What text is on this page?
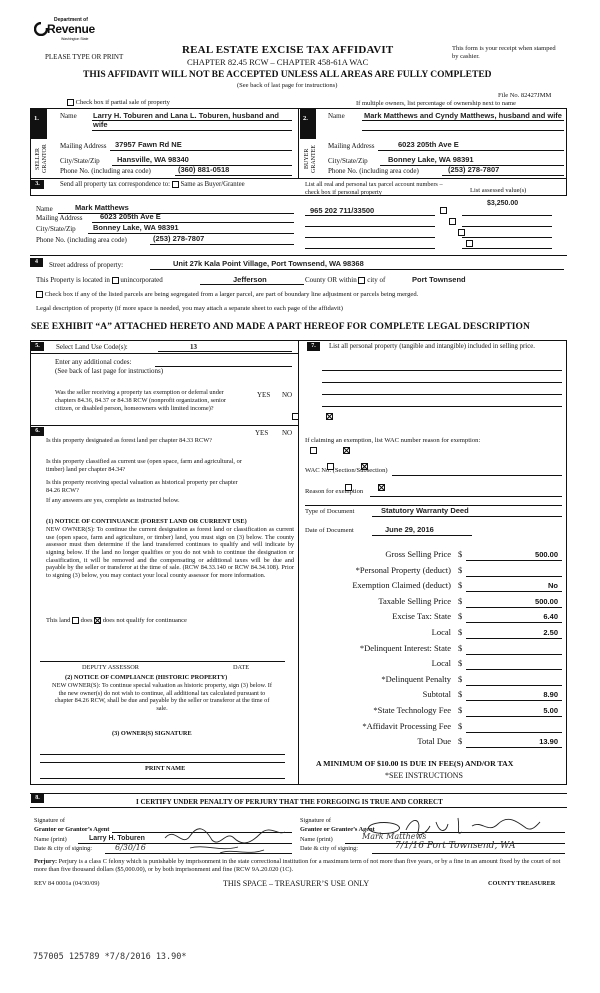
Department of
Revenue
Washington State
PLEASE TYPE OR PRINT
REAL ESTATE EXCISE TAX AFFIDAVIT
CHAPTER 82.45 RCW – CHAPTER 458-61A WAC
THIS AFFIDAVIT WILL NOT BE ACCEPTED UNLESS ALL AREAS ARE FULLY COMPLETED
(See back of last page for instructions)
This form is your receipt when stamped by cashier.
File No. 82427JMM
Check box if partial sale of property	If multiple owners, list percentage of ownership next to name
1.	2.
SELLER GRANTOR	BUYER GRANTEE
Name Larry H. Toburen and Lana L. Toburen, husband and wife
Mailing Address 37957 Fawn Rd NE
City/State/Zip Hansville, WA 98340
Phone No. (including area code)	(360) 881-0518
Name	Mark Matthews and Cyndy Matthews, husband and wife
Mailing Address	6023 205th Ave E
City/State/Zip	Bonney Lake, WA 98391
Phone No. (including area code)	(253) 278-7807
3.	Send all property tax correspondence to: Same as Buyer/Grantee	List all real and personal tax parcel account numbers – check box if personal property	List assessed value(s)
Name	Mark Matthews
Mailing Address 6023 205th Ave E
City/State/Zip Bonney Lake, WA 98391
Phone No. (including area code)	(253) 278-7807
965 202 711/33500
$3,250.00

4	Street address of property:	Unit 27k Kala Point Village, Port Townsend, WA 98368
This Property is located in unincorporated	Jefferson	County OR within city of	Port Townsend
Check box if any of the listed parcels are being segregated from a larger parcel, are part of boundary line adjustment or parcels being merged.
Legal description of property (if more space is needed, you may attach a separate sheet to each page of the affidavit)
SEE EXHIBIT “A” ATTACHED HERETO AND MADE A PART HEREOF FOR COMPLETE LEGAL DESCRIPTION
5.	Select Land Use Code(s):	13
Enter any additional codes:
(See back of last page for instructions)
YES NO
Was the seller receiving a property tax exemption or deferral under chapters 84.36, 84.37 or 84.38 RCW (nonprofit organization, senior citizen, or disabled person, homeowners with limited income)?

6.	YES NO
Is this property designated as forest land per chapter 84.33 RCW?

Is this property classified as current use (open space, farm and agricultural, or timber) land per chapter 84.34?

Is this property receiving special valuation as historical property per chapter 84.26 RCW?

If any answers are yes, complete as instructed below.
(1) NOTICE OF CONTINUANCE (FOREST LAND OR CURRENT USE)
NEW OWNER(S): To continue the current designation as forest land or classification as current use (open space, farm and agriculture, or timber) land, you must sign on (3) below. The county assessor must then determine if the land transferred continues to qualify and will indicate by signing below. If the land no longer qualifies or you do not wish to continue the designation or classification, it will be removed and the compensating or additional taxes will be due and payable by the seller or transferor at the time of sale. (RCW 84.33.140 or RCW 84.34.108). Prior to signing (3) below, you may contact your local county assessor for more information.
This land does does not qualify for continuance
DEPUTY ASSESSOR	DATE
(2) NOTICE OF COMPLIANCE (HISTORIC PROPERTY)
NEW OWNER(S): To continue special valuation as historic property, sign (3) below. If the new owner(s) do not wish to continue, all additional tax calculated pursuant to chapter 84.26 RCW, shall be due and payable by the seller or transferor at the time of sale.
(3) OWNER(S) SIGNATURE
PRINT NAME
7.	List all personal property (tangible and intangible) included in selling price.
If claiming an exemption, list WAC number reason for exemption:
WAC No. (Section/Subsection)
Reason for exemption
Type of Document	Statutory Warranty Deed
Date of Document	June 29, 2016
Gross Selling Price $	500.00
*Personal Property (deduct) $
Exemption Claimed (deduct) $	No
Taxable Selling Price $	500.00
Excise Tax: State $	6.40
Local $	2.50
*Delinquent Interest: State $
Local $
*Delinquent Penalty $
Subtotal $	8.90
*State Technology Fee $	5.00
*Affidavit Processing Fee $
Total Due $	13.90
A MINIMUM OF $10.00 IS DUE IN FEE(S) AND/OR TAX
*SEE INSTRUCTIONS
8.	I CERTIFY UNDER PENALTY OF PERJURY THAT THE FOREGOING IS TRUE AND CORRECT
Signature of
Grantor or Grantor’s Agent
Name (print)	Larry H. Toburen
Date & city of signing:	6/30/16
Signature of
Grantee or Grantee’s Agent
Name (print)	Mark Matthews
Date & city of signing:	7/1/16 Port Townsend, WA
Perjury: Perjury is a class C felony which is punishable by imprisonment in the state correctional institution for a maximum term of not more than five years, or by a fine in an amount fixed by the court of not more than five thousand dollars ($5,000.00), or by both imprisonment and fine (RCW 9A.20.020 (1C).
REV 84 0001a (04/30/09)	THIS SPACE – TREASURER’S USE ONLY	COUNTY TREASURER
757005 125789 *7/8/2016 13.90*
